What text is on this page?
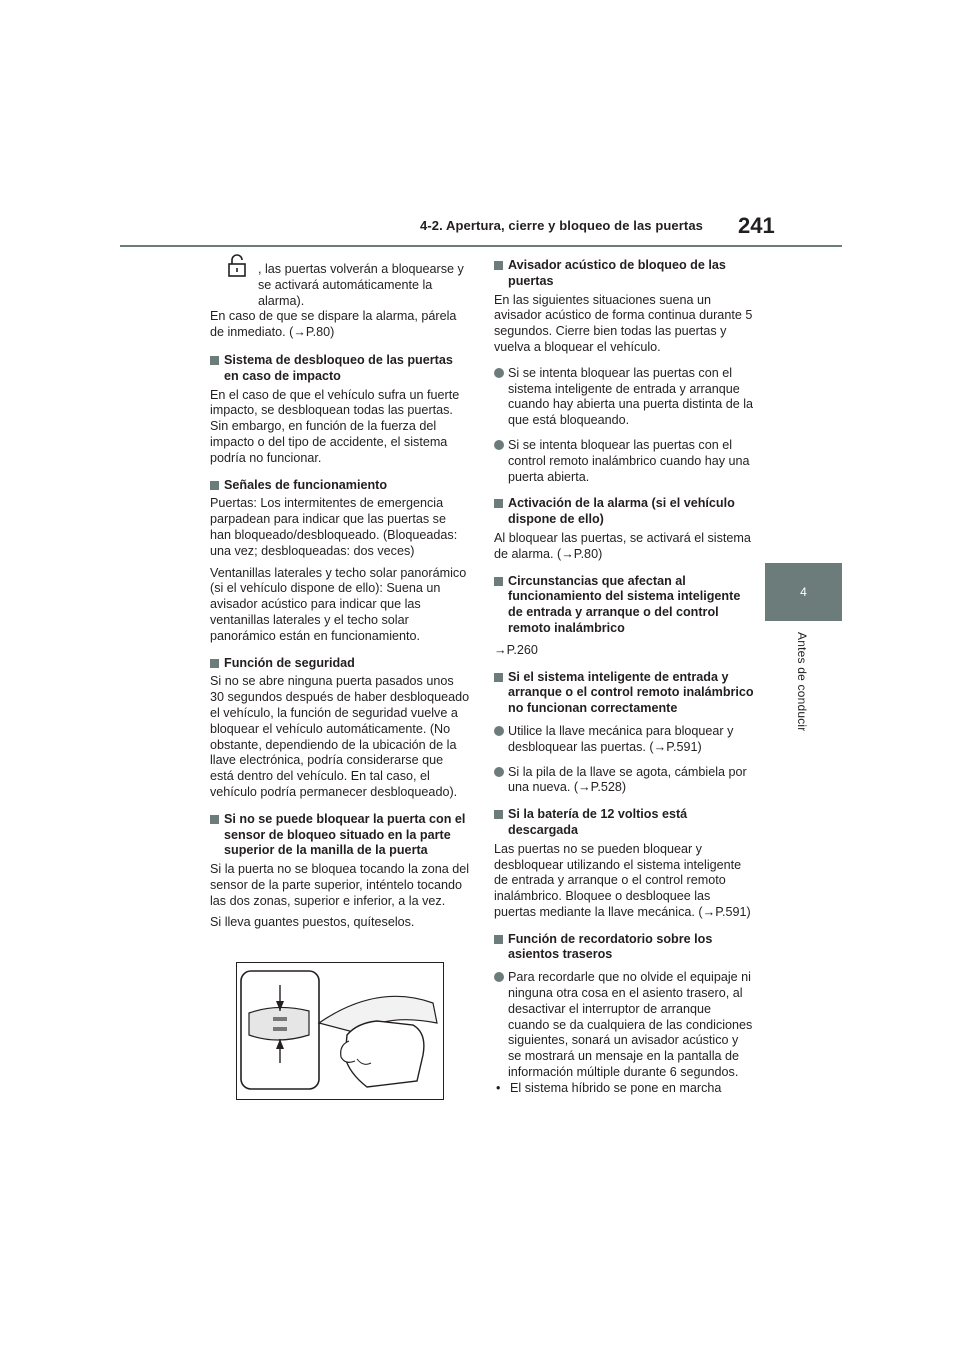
4-2. Apertura, cierre y bloqueo de las puertas 241
4
Antes de conducir
, las puertas volverán a bloquearse y se activará automáticamente la alarma).

En caso de que se dispare la alarma, párela de inmediato. (→P.80)

Sistema de desbloqueo de las puertas en caso de impacto

En el caso de que el vehículo sufra un fuerte impacto, se desbloquean todas las puertas. Sin embargo, en función de la fuerza del impacto o del tipo de accidente, el sistema podría no funcionar.

Señales de funcionamiento

Puertas: Los intermitentes de emergencia parpadean para indicar que las puertas se han bloqueado/desbloqueado. (Bloqueadas: una vez; desbloqueadas: dos veces)

Ventanillas laterales y techo solar panorámico (si el vehículo dispone de ello): Suena un avisador acústico para indicar que las ventanillas laterales y el techo solar panorámico están en funcionamiento.

Función de seguridad

Si no se abre ninguna puerta pasados unos 30 segundos después de haber desbloqueado el vehículo, la función de seguridad vuelve a bloquear el vehículo automáticamente. (No obstante, dependiendo de la ubicación de la llave electrónica, podría considerarse que está dentro del vehículo. En tal caso, el vehículo podría permanecer desbloqueado).

Si no se puede bloquear la puerta con el sensor de bloqueo situado en la parte superior de la manilla de la puerta

Si la puerta no se bloquea tocando la zona del sensor de la parte superior, inténtelo tocando las dos zonas, superior e inferior, a la vez.

Si lleva guantes puestos, quíteselos.

Avisador acústico de bloqueo de las puertas

En las siguientes situaciones suena un avisador acústico de forma continua durante 5 segundos. Cierre bien todas las puertas y vuelva a bloquear el vehículo.

Si se intenta bloquear las puertas con el sistema inteligente de entrada y arranque cuando hay abierta una puerta distinta de la que está bloqueando.
Si se intenta bloquear las puertas con el control remoto inalámbrico cuando hay una puerta abierta.
Activación de la alarma (si el vehículo dispone de ello)

Al bloquear las puertas, se activará el sistema de alarma. (→P.80)

Circunstancias que afectan al funcionamiento del sistema inteligente de entrada y arranque o del control remoto inalámbrico

→P.260

Si el sistema inteligente de entrada y arranque o el control remoto inalámbrico no funcionan correctamente
Utilice la llave mecánica para bloquear y desbloquear las puertas. (→P.591)
Si la pila de la llave se agota, cámbiela por una nueva. (→P.528)
Si la batería de 12 voltios está descargada

Las puertas no se pueden bloquear y desbloquear utilizando el sistema inteligente de entrada y arranque o el control remoto inalámbrico. Bloquee o desbloquee las puertas mediante la llave mecánica. (→P.591)

Función de recordatorio sobre los asientos traseros
Para recordarle que no olvide el equipaje ni ninguna otra cosa en el asiento trasero, al desactivar el interruptor de arranque cuando se da cualquiera de las condiciones siguientes, sonará un avisador acústico y se mostrará un mensaje en la pantalla de información múltiple durante 6 segundos.
• El sistema híbrido se pone en marcha
